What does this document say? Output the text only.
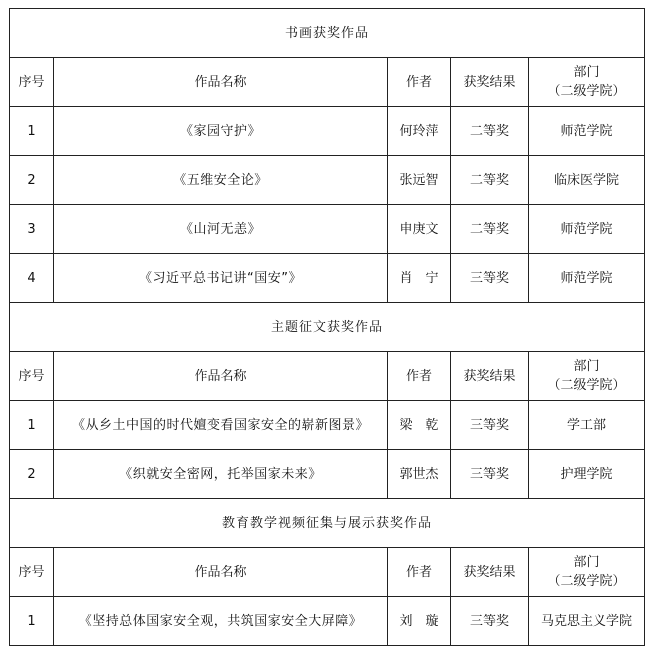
书画获奖作品				
序号	作品名称	作者	获奖结果	部门
（二级学院）

1	《家园守护》	何玲萍	二等奖	师范学院
2	《五维安全论》	张远智	二等奖	临床医学院
3	《山河无恙》	申庚文	二等奖	师范学院
4	《习近平总书记讲“国安”》	肖　宁	三等奖	师范学院
主题征文获奖作品				
序号	作品名称	作者	获奖结果	部门
（二级学院）

1	《从乡土中国的时代嬗变看国家安全的崭新图景》	梁　乾	三等奖	学工部
2	《织就安全密网，托举国家未来》	郭世杰	三等奖	护理学院
教育教学视频征集与展示获奖作品				
序号	作品名称	作者	获奖结果	部门
（二级学院）

1	《坚持总体国家安全观，共筑国家安全大屏障》	刘　璇	三等奖	马克思主义学院
